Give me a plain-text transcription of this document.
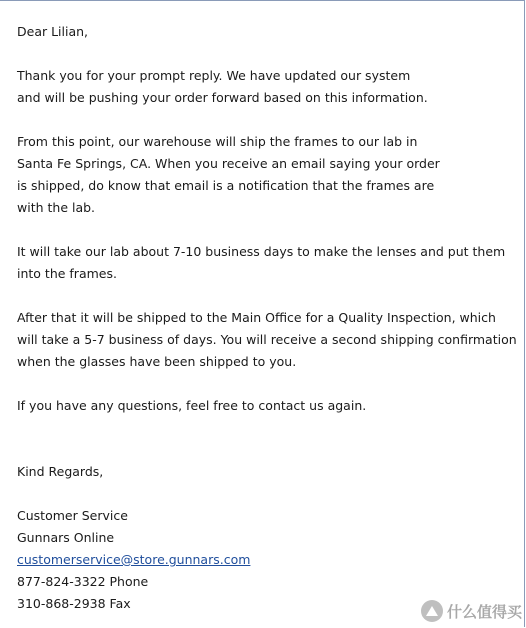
Dear Lilian,
Thank you for your prompt reply. We have updated our system
and will be pushing your order forward based on this information.
From this point, our warehouse will ship the frames to our lab in
Santa Fe Springs, CA. When you receive an email saying your order
is shipped, do know that email is a notification that the frames are
with the lab.
It will take our lab about 7-10 business days to make the lenses and put them
into the frames.
After that it will be shipped to the Main Office for a Quality Inspection, which
will take a 5-7 business of days. You will receive a second shipping confirmation
when the glasses have been shipped to you.
If you have any questions, feel free to contact us again.
Kind Regards,
Customer Service
Gunnars Online
customerservice@store.gunnars.com
877-824-3322 Phone
310-868-2938 Fax	什么值得买
